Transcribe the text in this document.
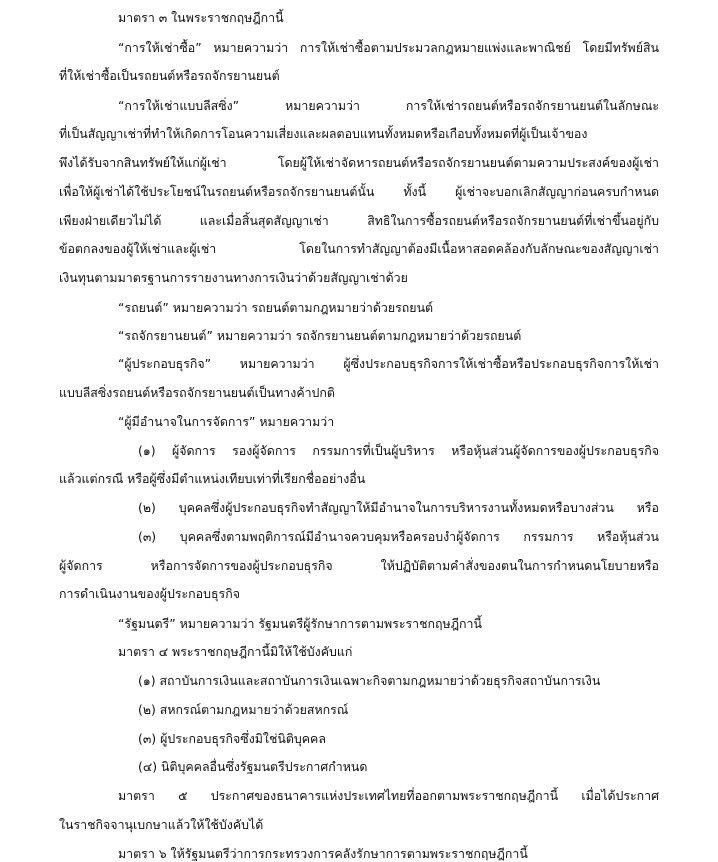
มาตรา ๓ ในพระราชกฤษฎีกานี้

“การให้เช่าซื้อ” หมายความว่า การให้เช่าซื้อตามประมวลกฎหมายแพ่งและพาณิชย์ โดยมีทรัพย์สิน

ที่ให้เช่าซื้อเป็นรถยนต์หรือรถจักรยานยนต์

“การให้เช่าแบบลีสซิ่ง” หมายความว่า การให้เช่ารถยนต์หรือรถจักรยานยนต์ในลักษณะ

ที่เป็นสัญญาเช่าที่ทำให้เกิดการโอนความเสี่ยงและผลตอบแทนทั้งหมดหรือเกือบทั้งหมดที่ผู้เป็นเจ้าของ

พึงได้รับจากสินทรัพย์ให้แก่ผู้เช่า โดยผู้ให้เช่าจัดหารถยนต์หรือรถจักรยานยนต์ตามความประสงค์ของผู้เช่า

เพื่อให้ผู้เช่าได้ใช้ประโยชน์ในรถยนต์หรือรถจักรยานยนต์นั้น ทั้งนี้ ผู้เช่าจะบอกเลิกสัญญาก่อนครบกำหนด

เพียงฝ่ายเดียวไม่ได้ และเมื่อสิ้นสุดสัญญาเช่า สิทธิในการซื้อรถยนต์หรือรถจักรยานยนต์ที่เช่าขึ้นอยู่กับ

ข้อตกลงของผู้ให้เช่าและผู้เช่า โดยในการทำสัญญาต้องมีเนื้อหาสอดคล้องกับลักษณะของสัญญาเช่า

เงินทุนตามมาตรฐานการรายงานทางการเงินว่าด้วยสัญญาเช่าด้วย

“รถยนต์” หมายความว่า รถยนต์ตามกฎหมายว่าด้วยรถยนต์

“รถจักรยานยนต์” หมายความว่า รถจักรยานยนต์ตามกฎหมายว่าด้วยรถยนต์

“ผู้ประกอบธุรกิจ” หมายความว่า ผู้ซึ่งประกอบธุรกิจการให้เช่าซื้อหรือประกอบธุรกิจการให้เช่า

แบบลีสซิ่งรถยนต์หรือรถจักรยานยนต์เป็นทางค้าปกติ

“ผู้มีอำนาจในการจัดการ” หมายความว่า

(๑) ผู้จัดการ รองผู้จัดการ กรรมการที่เป็นผู้บริหาร หรือหุ้นส่วนผู้จัดการของผู้ประกอบธุรกิจ

แล้วแต่กรณี หรือผู้ซึ่งมีตำแหน่งเทียบเท่าที่เรียกชื่ออย่างอื่น

(๒) บุคคลซึ่งผู้ประกอบธุรกิจทำสัญญาให้มีอำนาจในการบริหารงานทั้งหมดหรือบางส่วน หรือ

(๓) บุคคลซึ่งตามพฤติการณ์มีอำนาจควบคุมหรือครอบงำผู้จัดการ กรรมการ หรือหุ้นส่วน

ผู้จัดการ หรือการจัดการของผู้ประกอบธุรกิจ ให้ปฏิบัติตามคำสั่งของตนในการกำหนดนโยบายหรือ

การดำเนินงานของผู้ประกอบธุรกิจ

“รัฐมนตรี” หมายความว่า รัฐมนตรีผู้รักษาการตามพระราชกฤษฎีกานี้

มาตรา ๔ พระราชกฤษฎีกานี้มิให้ใช้บังคับแก่

(๑) สถาบันการเงินและสถาบันการเงินเฉพาะกิจตามกฎหมายว่าด้วยธุรกิจสถาบันการเงิน

(๒) สหกรณ์ตามกฎหมายว่าด้วยสหกรณ์

(๓) ผู้ประกอบธุรกิจซึ่งมิใช่นิติบุคคล

(๔) นิติบุคคลอื่นซึ่งรัฐมนตรีประกาศกำหนด

มาตรา ๕ ประกาศของธนาคารแห่งประเทศไทยที่ออกตามพระราชกฤษฎีกานี้ เมื่อได้ประกาศ

ในราชกิจจานุเบกษาแล้วให้ใช้บังคับได้

มาตรา ๖ ให้รัฐมนตรีว่าการกระทรวงการคลังรักษาการตามพระราชกฤษฎีกานี้
